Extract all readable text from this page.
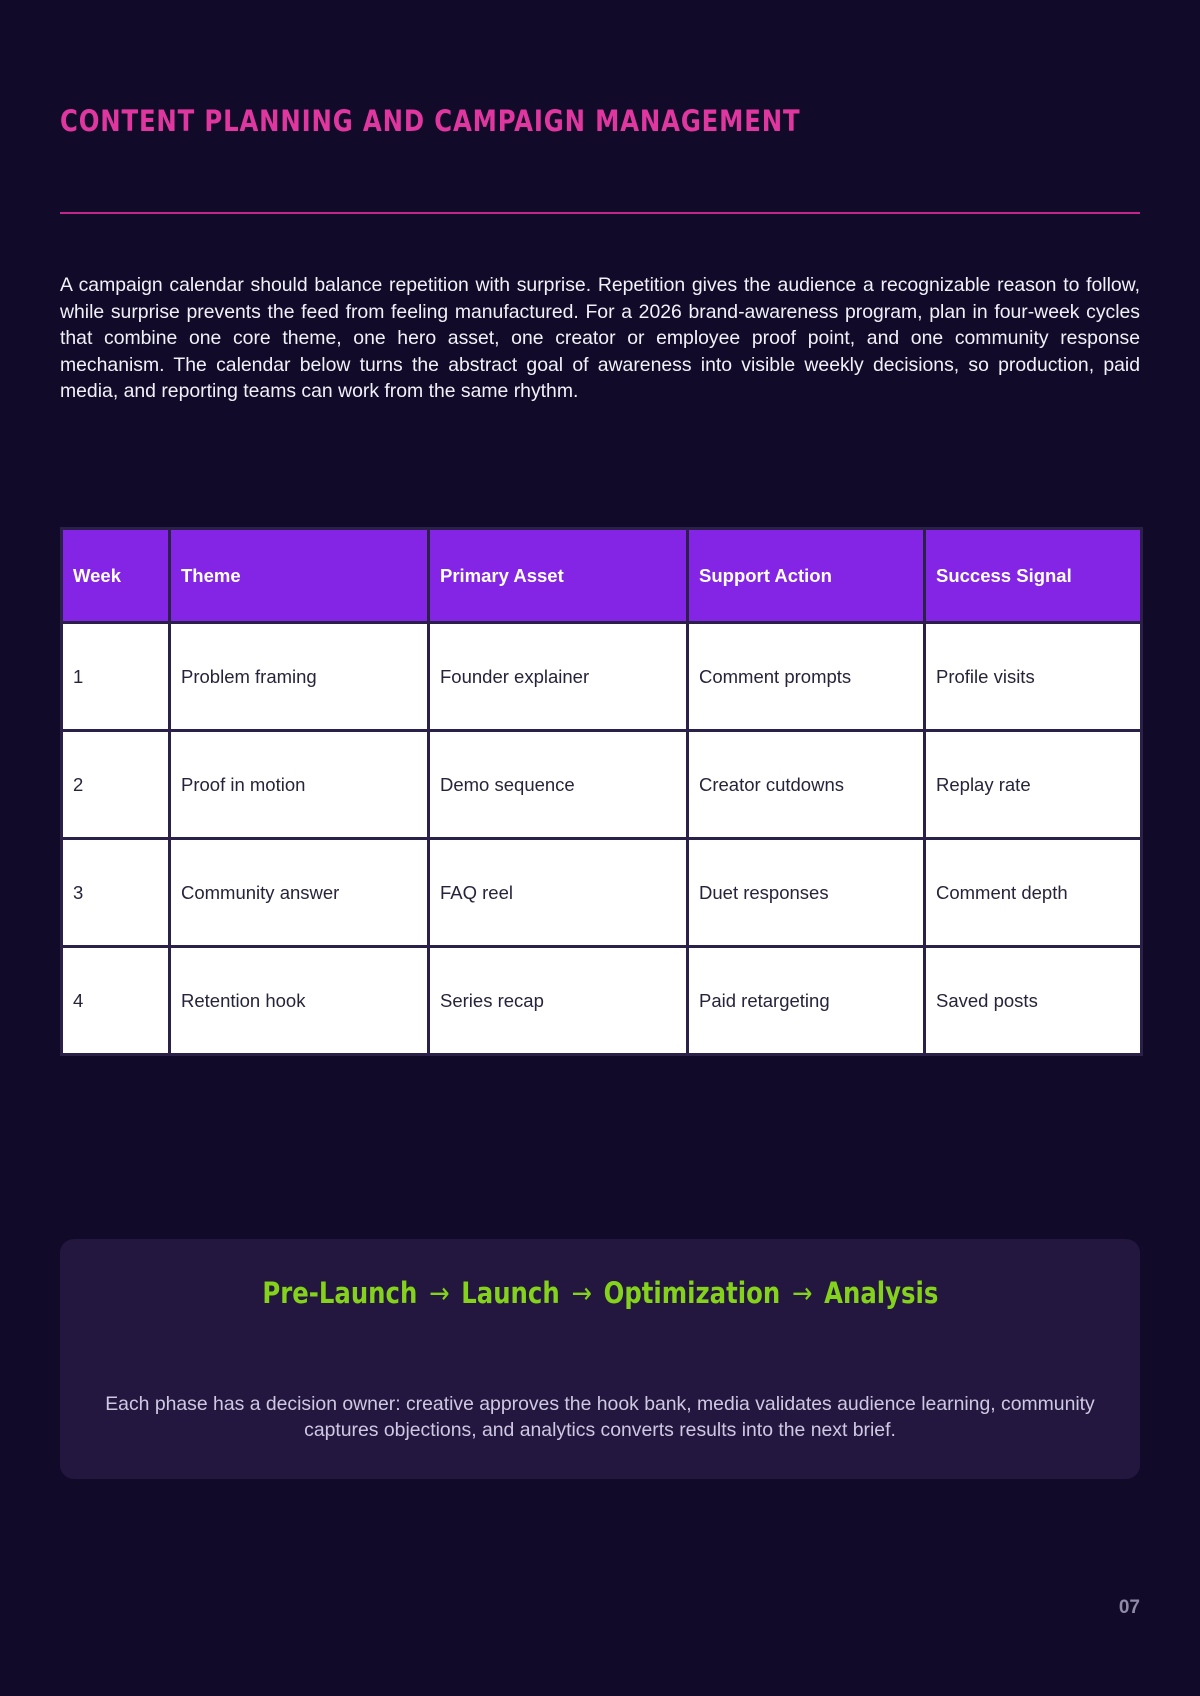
CONTENT PLANNING AND CAMPAIGN MANAGEMENT

A campaign calendar should balance repetition with surprise. Repetition gives the audience a recognizable reason to follow, while surprise prevents the feed from feeling manufactured. For a 2026 brand-awareness program, plan in four-week cycles that combine one core theme, one hero asset, one creator or employee proof point, and one community response mechanism. The calendar below turns the abstract goal of awareness into visible weekly decisions, so production, paid media, and reporting teams can work from the same rhythm.

Week	Theme	Primary Asset	Support Action	Success Signal
1	Problem framing	Founder explainer	Comment prompts	Profile visits
2	Proof in motion	Demo sequence	Creator cutdowns	Replay rate
3	Community answer	FAQ reel	Duet responses	Comment depth
4	Retention hook	Series recap	Paid retargeting	Saved posts
Pre-Launch → Launch → Optimization → Analysis

Each phase has a decision owner: creative approves the hook bank, media validates audience learning, community captures objections, and analytics converts results into the next brief.

07
